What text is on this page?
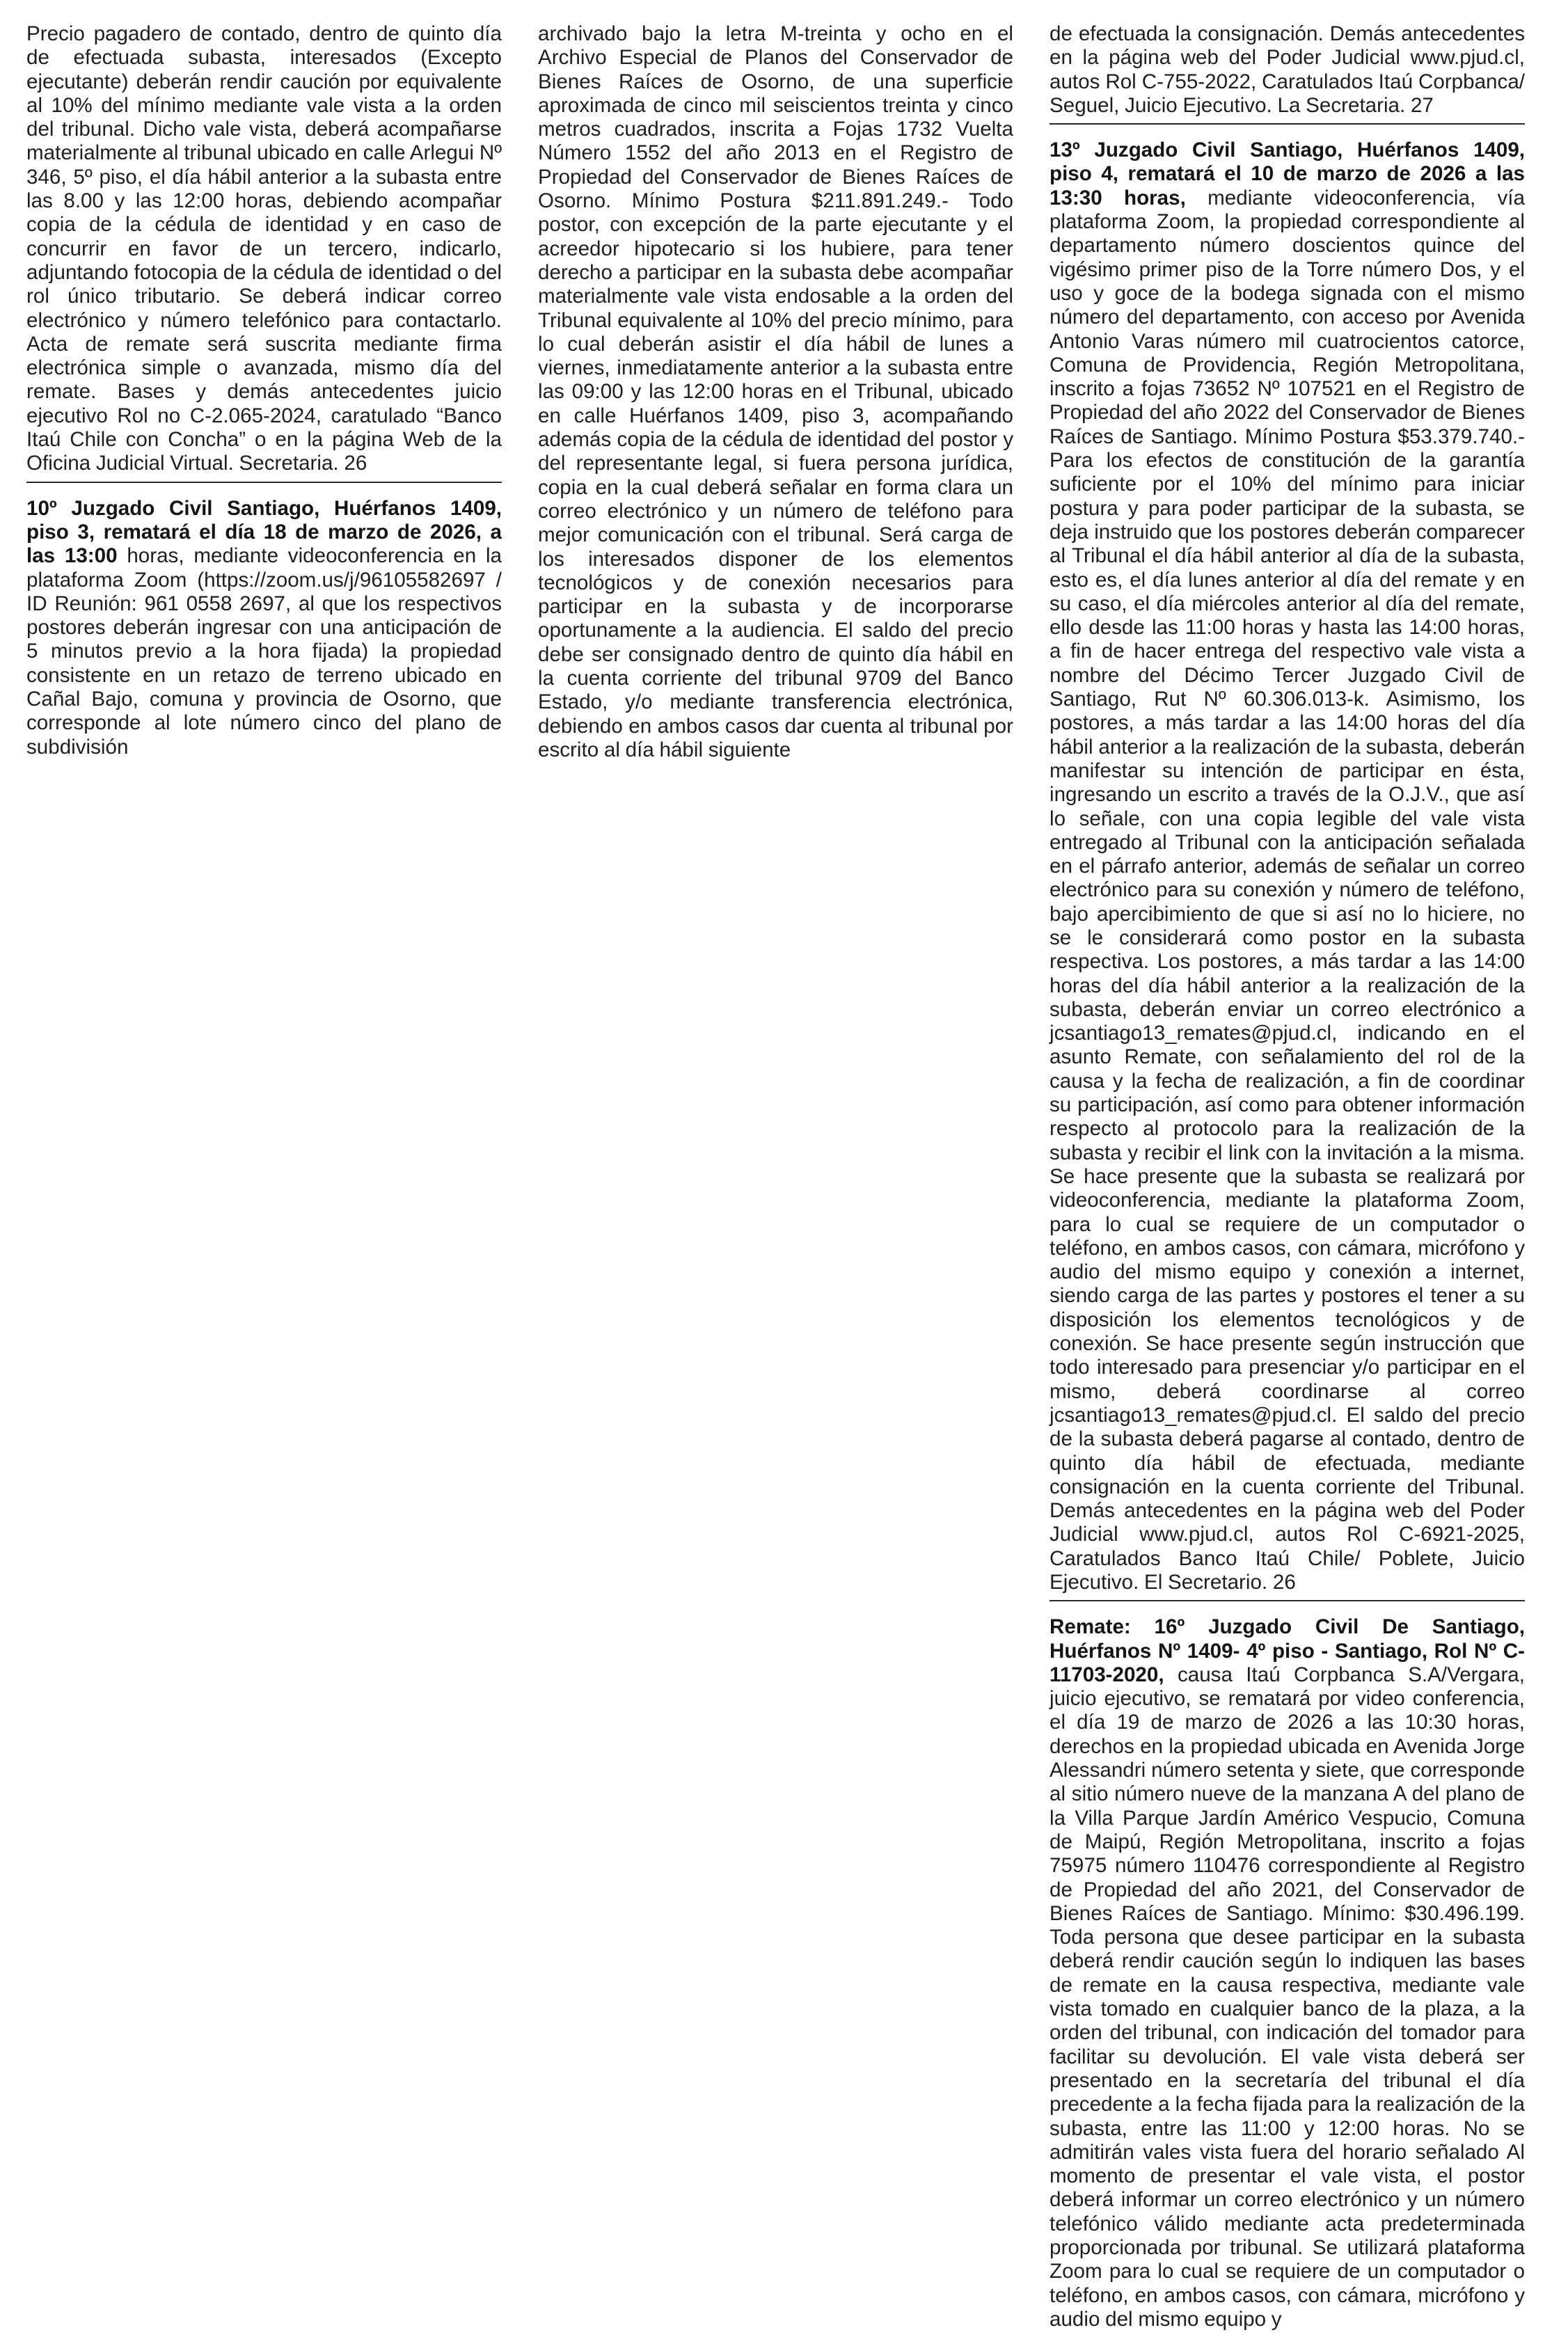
Precio pagadero de contado, dentro de quinto día de efectuada subasta, interesados (Excepto ejecutante) deberán rendir caución por equivalente al 10% del mínimo mediante vale vista a la orden del tribunal. Dicho vale vista, deberá acompañarse materialmente al tribunal ubicado en calle Arlegui Nº 346, 5º piso, el día hábil anterior a la subasta entre las 8.00 y las 12:00 horas, debiendo acompañar copia de la cédula de identidad y en caso de concurrir en favor de un tercero, indicarlo, adjuntando fotocopia de la cédula de identidad o del rol único tributario. Se deberá indicar correo electrónico y número telefónico para contactarlo. Acta de remate será suscrita mediante firma electrónica simple o avanzada, mismo día del remate. Bases y demás antecedentes juicio ejecutivo Rol no C-2.065-2024, caratulado “Banco Itaú Chile con Concha” o en la página Web de la Oficina Judicial Virtual. Secretaria. 26

10º Juzgado Civil Santiago, Huérfanos 1409, piso 3, rematará el día 18 de marzo de 2026, a las 13:00 horas, mediante videoconferencia en la plataforma Zoom (https://zoom.us/j/96105582697 / ID Reunión: 961 0558 2697, al que los respectivos postores deberán ingresar con una anticipación de 5 minutos previo a la hora fijada) la propiedad consistente en un retazo de terreno ubicado en Cañal Bajo, comuna y provincia de Osorno, que corresponde al lote número cinco del plano de subdivisión

archivado bajo la letra M-treinta y ocho en el Archivo Especial de Planos del Conservador de Bienes Raíces de Osorno, de una superficie aproximada de cinco mil seiscientos treinta y cinco metros cuadrados, inscrita a Fojas 1732 Vuelta Número 1552 del año 2013 en el Registro de Propiedad del Conservador de Bienes Raíces de Osorno. Mínimo Postura $211.891.249.- Todo postor, con excepción de la parte ejecutante y el acreedor hipotecario si los hubiere, para tener derecho a participar en la subasta debe acompañar materialmente vale vista endosable a la orden del Tribunal equivalente al 10% del precio mínimo, para lo cual deberán asistir el día hábil de lunes a viernes, inmediatamente anterior a la subasta entre las 09:00 y las 12:00 horas en el Tribunal, ubicado en calle Huérfanos 1409, piso 3, acompañando además copia de la cédula de identidad del postor y del representante legal, si fuera persona jurídica, copia en la cual deberá señalar en forma clara un correo electrónico y un número de teléfono para mejor comunicación con el tribunal. Será carga de los interesados disponer de los elementos tecnológicos y de conexión necesarios para participar en la subasta y de incorporarse oportunamente a la audiencia. El saldo del precio debe ser consignado dentro de quinto día hábil en la cuenta corriente del tribunal 9709 del Banco Estado, y/o mediante transferencia electrónica, debiendo en ambos casos dar cuenta al tribunal por escrito al día hábil siguiente

de efectuada la consignación. Demás antecedentes en la página web del Poder Judicial www.pjud.cl, autos Rol C-755-2022, Caratulados Itaú Corpbanca/ Seguel, Juicio Ejecutivo. La Secretaria. 27

13º Juzgado Civil Santiago, Huérfanos 1409, piso 4, rematará el 10 de marzo de 2026 a las 13:30 horas, mediante videoconferencia, vía plataforma Zoom, la propiedad correspondiente al departamento número doscientos quince del vigésimo primer piso de la Torre número Dos, y el uso y goce de la bodega signada con el mismo número del departamento, con acceso por Avenida Antonio Varas número mil cuatrocientos catorce, Comuna de Providencia, Región Metropolitana, inscrito a fojas 73652 Nº 107521 en el Registro de Propiedad del año 2022 del Conservador de Bienes Raíces de Santiago. Mínimo Postura $53.379.740.- Para los efectos de constitución de la garantía suficiente por el 10% del mínimo para iniciar postura y para poder participar de la subasta, se deja instruido que los postores deberán comparecer al Tribunal el día hábil anterior al día de la subasta, esto es, el día lunes anterior al día del remate y en su caso, el día miércoles anterior al día del remate, ello desde las 11:00 horas y hasta las 14:00 horas, a fin de hacer entrega del respectivo vale vista a nombre del Décimo Tercer Juzgado Civil de Santiago, Rut Nº 60.306.013-k. Asimismo, los postores, a más tardar a las 14:00 horas del día hábil anterior a la realización de la subasta, deberán manifestar su intención de participar en ésta, ingresando un escrito a través de la O.J.V., que así lo señale, con una copia legible del vale vista entregado al Tribunal con la anticipación señalada en el párrafo anterior, además de señalar un correo electrónico para su conexión y número de teléfono, bajo apercibimiento de que si así no lo hiciere, no se le considerará como postor en la subasta respectiva. Los postores, a más tardar a las 14:00 horas del día hábil anterior a la realización de la subasta, deberán enviar un correo electrónico a jcsantiago13_remates@pjud.cl, indicando en el asunto Remate, con señalamiento del rol de la causa y la fecha de realización, a fin de coordinar su participación, así como para obtener información respecto al protocolo para la realización de la subasta y recibir el link con la invitación a la misma. Se hace presente que la subasta se realizará por videoconferencia, mediante la plataforma Zoom, para lo cual se requiere de un computador o teléfono, en ambos casos, con cámara, micrófono y audio del mismo equipo y conexión a internet, siendo carga de las partes y postores el tener a su disposición los elementos tecnológicos y de conexión. Se hace presente según instrucción que todo interesado para presenciar y/o participar en el mismo, deberá coordinarse al correo jcsantiago13_remates@pjud.cl. El saldo del precio de la subasta deberá pagarse al contado, dentro de quinto día hábil de efectuada, mediante consignación en la cuenta corriente del Tribunal. Demás antecedentes en la página web del Poder Judicial www.pjud.cl, autos Rol C-6921-2025, Caratulados Banco Itaú Chile/ Poblete, Juicio Ejecutivo. El Secretario. 26

Remate: 16º Juzgado Civil De Santiago, Huérfanos Nº 1409- 4º piso - Santiago, Rol Nº C-11703-2020, causa Itaú Corpbanca S.A/Vergara, juicio ejecutivo, se rematará por video conferencia, el día 19 de marzo de 2026 a las 10:30 horas, derechos en la propiedad ubicada en Avenida Jorge Alessandri número setenta y siete, que corresponde al sitio número nueve de la manzana A del plano de la Villa Parque Jardín Américo Vespucio, Comuna de Maipú, Región Metropolitana, inscrito a fojas 75975 número 110476 correspondiente al Registro de Propiedad del año 2021, del Conservador de Bienes Raíces de Santiago. Mínimo: $30.496.199. Toda persona que desee participar en la subasta deberá rendir caución según lo indiquen las bases de remate en la causa respectiva, mediante vale vista tomado en cualquier banco de la plaza, a la orden del tribunal, con indicación del tomador para facilitar su devolución. El vale vista deberá ser presentado en la secretaría del tribunal el día precedente a la fecha fijada para la realización de la subasta, entre las 11:00 y 12:00 horas. No se admitirán vales vista fuera del horario señalado Al momento de presentar el vale vista, el postor deberá informar un correo electrónico y un número telefónico válido mediante acta predeterminada proporcionada por tribunal. Se utilizará plataforma Zoom para lo cual se requiere de un computador o teléfono, en ambos casos, con cámara, micrófono y audio del mismo equipo y
